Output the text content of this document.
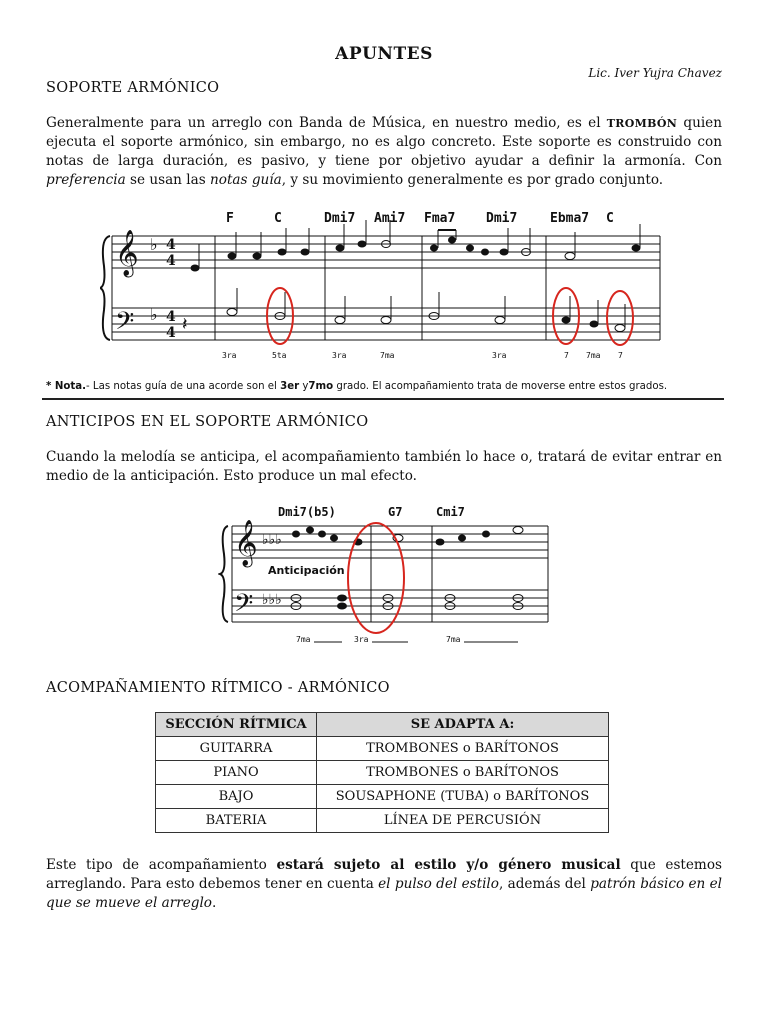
APUNTES
Lic. Iver Yujra Chavez
SOPORTE ARMÓNICO
Generalmente para un arreglo con Banda de Música, en nuestro medio, es el TROMBÓN quien ejecuta el soporte armónico, sin embargo, no es algo concreto. Este soporte es construido con notas de larga duración, es pasivo, y tiene por objetivo ayudar a definir la armonía. Con preferencia se usan las notas guía, y su movimiento generalmente es por grado conjunto.
𝄞
𝄢
♭
♭
4
4
4
4 𝄽
F	C	Dmi7 Ami7 Fma7 Dmi7	Ebma7 C
3ra	5ta	3ra	7ma	3ra	7 7ma 7
* Nota.- Las notas guía de una acorde son el 3er y7mo grado. El acompañamiento trata de moverse entre estos grados.
ANTICIPOS EN EL SOPORTE ARMÓNICO
Cuando la melodía se anticipa, el acompañamiento también lo hace o, tratará de evitar entrar en medio de la anticipación. Esto produce un mal efecto.
𝄞
𝄢
♭♭♭
♭♭♭
Dmi7(b5)	G7	Cmi7
Anticipación
7ma	3ra	7ma
ACOMPAÑAMIENTO RÍTMICO - ARMÓNICO
SECCIÓN RÍTMICA	SE ADAPTA A:
GUITARRA	TROMBONES o BARÍTONOS
PIANO	TROMBONES o BARÍTONOS
BAJO	SOUSAPHONE (TUBA) o BARÍTONOS
BATERIA	LÍNEA DE PERCUSIÓN
Este tipo de acompañamiento estará sujeto al estilo y/o género musical que estemos arreglando. Para esto debemos tener en cuenta el pulso del estilo, además del patrón básico en el que se mueve el arreglo.
